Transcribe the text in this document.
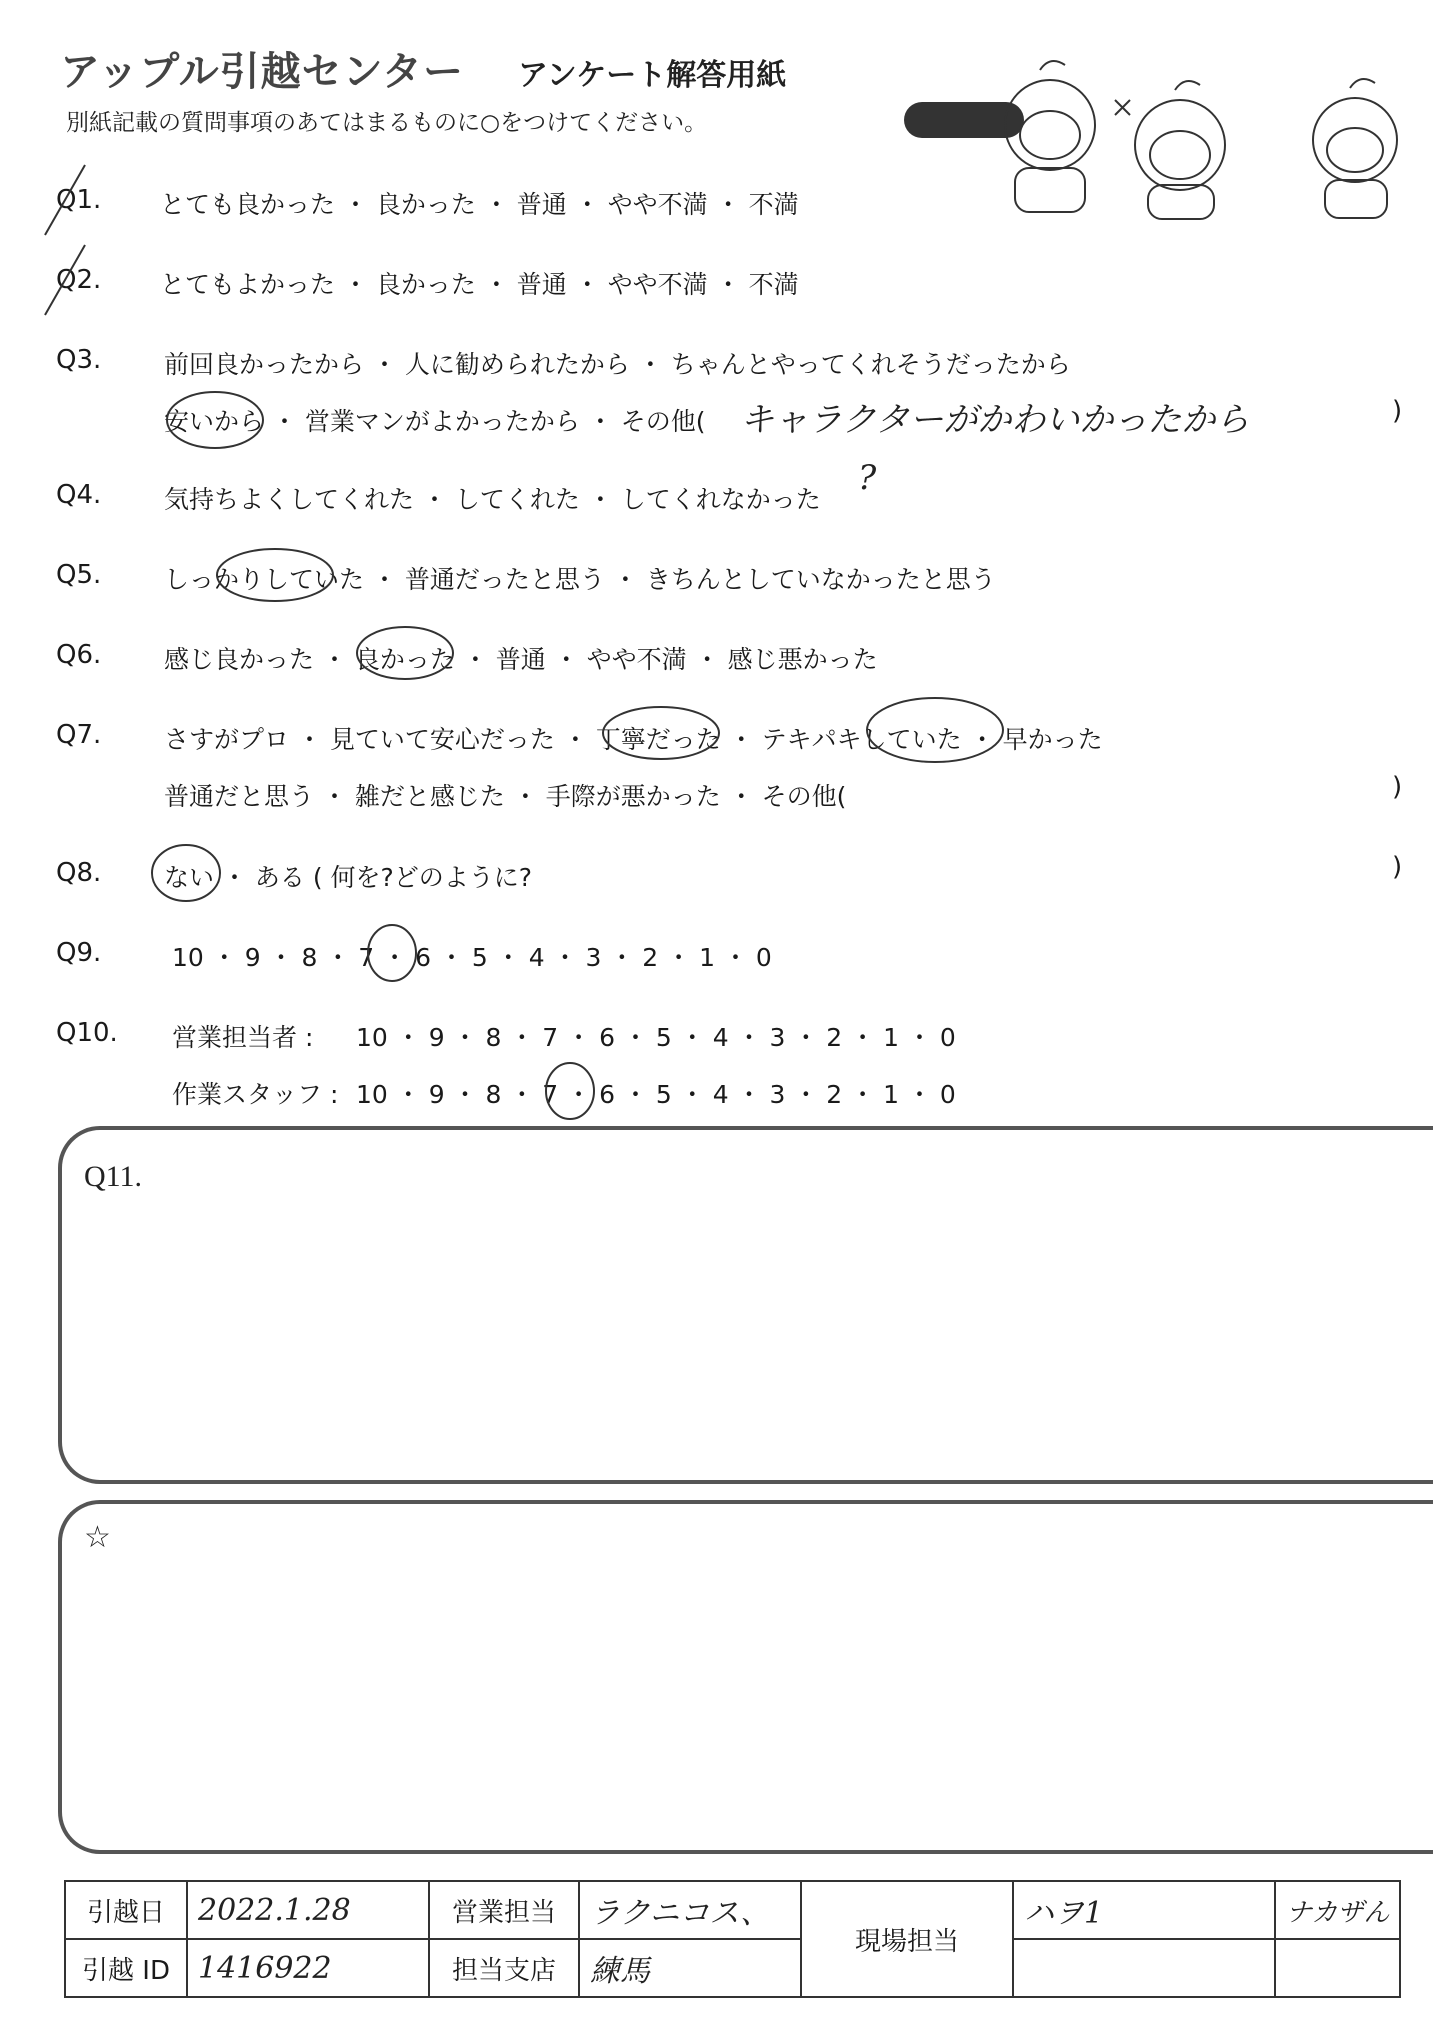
アップル引越センター アンケート解答用紙
別紙記載の質問事項のあてはまるものに○をつけてください。
Q1. とても良かった ・ 良かった ・ 普通 ・ やや不満 ・ 不満
Q2. とてもよかった ・ 良かった ・ 普通 ・ やや不満 ・ 不満
Q3.	前回良かったから ・ 人に勧められたから ・ ちゃんとやってくれそうだったから
安いから ・ 営業マンがよかったから ・ その他( キャラクターがかわいかったから	)
Q4.	気持ちよくしてくれた ・ してくれた ・ してくれなかった
?
Q5.	しっかりしていた ・ 普通だったと思う ・ きちんとしていなかったと思う
Q6.	感じ良かった ・ 良かった ・ 普通 ・ やや不満 ・ 感じ悪かった
Q7.	さすがプロ ・ 見ていて安心だった ・ 丁寧だった ・ テキパキしていた ・ 早かった
普通だと思う ・ 雑だと感じた ・ 手際が悪かった ・ その他(	)
Q8.	ない ・ ある ( 何を?どのように?	)
Q9.	10 ・ 9 ・ 8 ・ 7 ・ 6 ・ 5 ・ 4 ・ 3 ・ 2 ・ 1 ・ 0
Q10. 営業担当者 : 10 ・ 9 ・ 8 ・ 7 ・ 6 ・ 5 ・ 4 ・ 3 ・ 2 ・ 1 ・ 0
作業スタッフ : 10 ・ 9 ・ 8 ・ 7 ・ 6 ・ 5 ・ 4 ・ 3 ・ 2 ・ 1 ・ 0
Q11.
☆
引越日	2022.1.28	営業担当	ラクニコス、	現場担当	ハヲ1	ナカザん
引越 ID	1416922	担当支店	練馬			
